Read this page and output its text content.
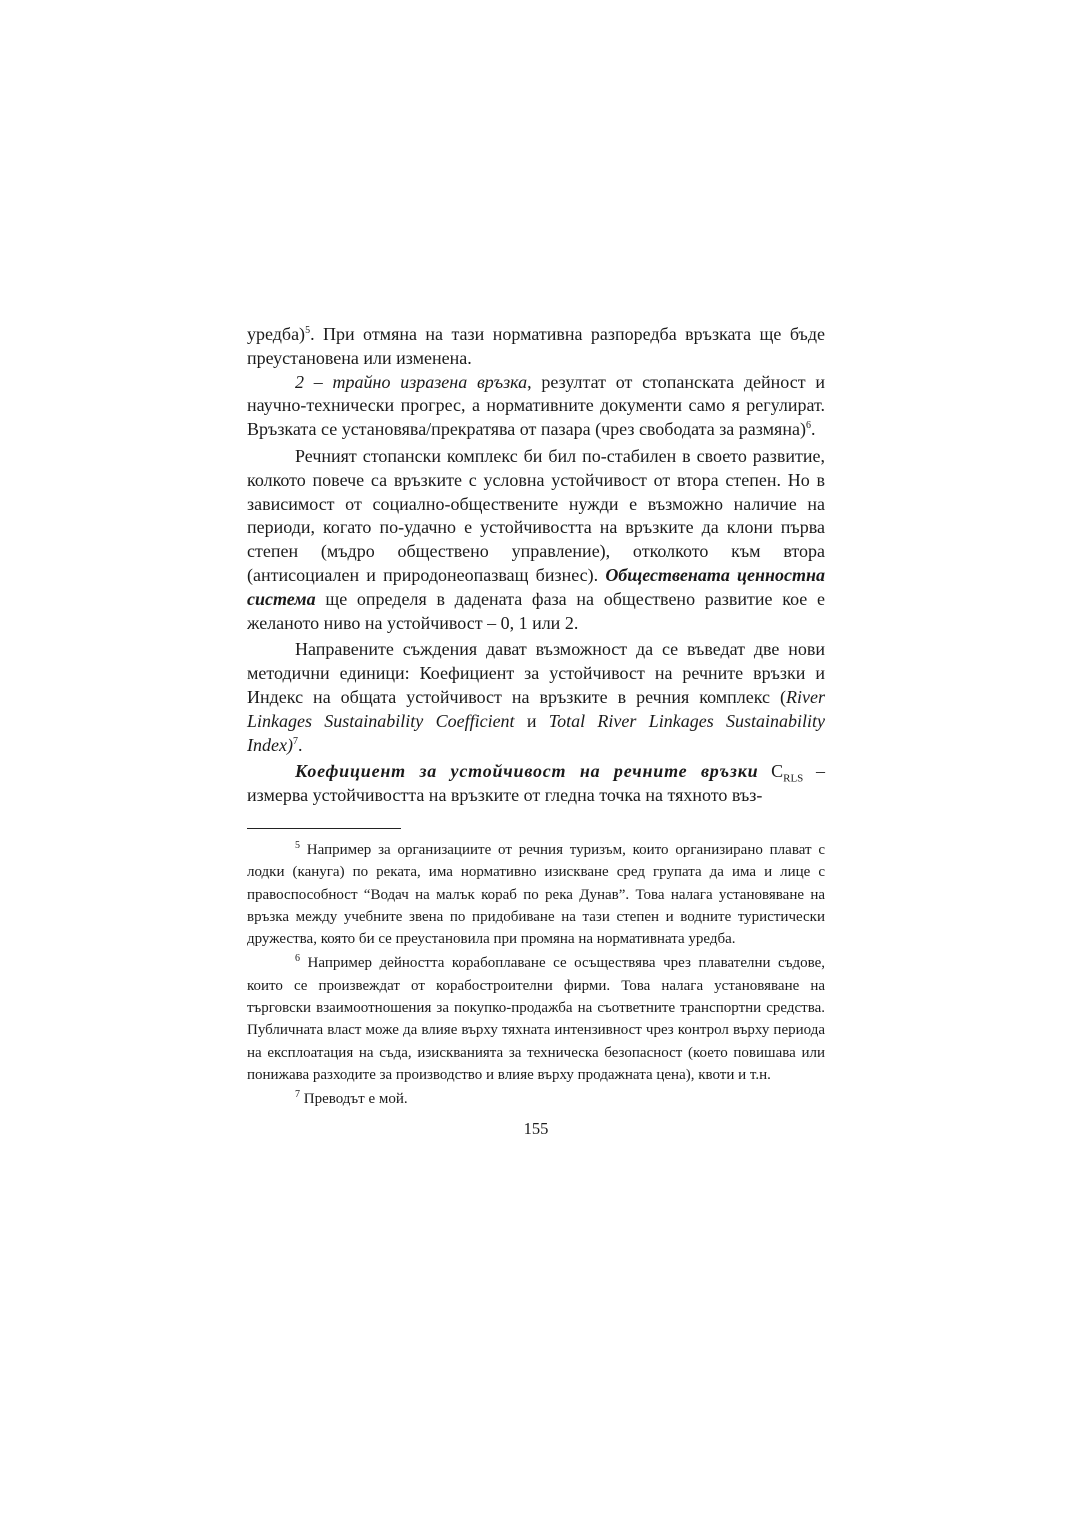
уредба)$^5$. При отмяна на тази нормативна разпоредба връзката ще бъде преустановена или изменена.

2 – трайно изразена връзка, резултат от стопанската дейност и научно-технически прогрес, а нормативните документи само я регулират. Връзката се установява/прекратява от пазара (чрез свободата за размяна)$^6$.

Речният стопански комплекс би бил по-стабилен в своето развитие, колкото повече са връзките с условна устойчивост от втора степен. Но в зависимост от социално-обществените нужди е възможно наличие на периоди, когато по-удачно е устойчивостта на връзките да клони първа степен (мъдро обществено управление), отколкото към втора (антисоциален и природонеопазващ бизнес). Обществената ценностна система ще определя в дадената фаза на обществено развитие кое е желаното ниво на устойчивост – 0, 1 или 2.

Направените съждения дават възможност да се въведат две нови методични единици: Коефициент за устойчивост на речните връзки и Индекс на общата устойчивост на връзките в речния комплекс (River Linkages Sustainability Coefficient и Total River Linkages Sustainability Index)$^7$.

Коефициент за устойчивост на речните връзки $C_{RLS}$ – измерва устойчивостта на връзките от гледна точка на тяхното въз-

$^5$ Например за организациите от речния туризъм, които организирано плават с лодки (кануга) по реката, има нормативно изискване сред групата да има и лице с правоспособност “Водач на малък кораб по река Дунав”. Това налага установяване на връзка между учебните звена по придобиване на тази степен и водните туристически дружества, която би се преустановила при промяна на нормативната уредба.

$^6$ Например дейността корабоплаване се осъществява чрез плавателни съдове, които се произвеждат от корабостроителни фирми. Това налага установяване на търговски взаимоотношения за покупко-продажба на съответните транспортни средства. Публичната власт може да влияе върху тяхната интензивност чрез контрол върху периода на експлоатация на съда, изискванията за техническа безопасност (което повишава или понижава разходите за производство и влияе върху продажната цена), квоти и т.н.

$^7$ Преводът е мой.

155
